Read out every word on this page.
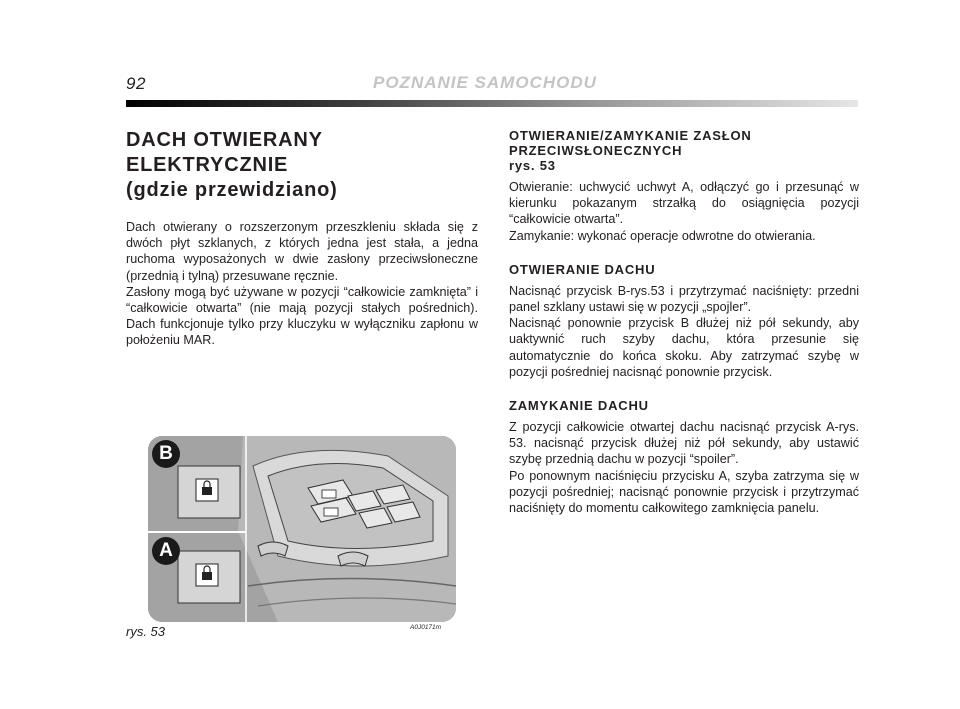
92	POZNANIE SAMOCHODU
DACH OTWIERANY ELEKTRYCZNIE
(gdzie przewidziano)

Dach otwierany o rozszerzonym przeszkleniu składa się z dwóch płyt szklanych, z których jedna jest stała, a jedna ruchoma wyposażonych w dwie zasłony przeciwsłoneczne (przednią i tylną) przesuwane ręcznie.

Zasłony mogą być używane w pozycji “całkowicie zamknięta” i “całkowicie otwarta” (nie mają pozycji stałych pośrednich). Dach funkcjonuje tylko przy kluczyku w wyłączniku zapłonu w położeniu MAR.

B
A
rys. 53	A0J0171m
OTWIERANIE/ZAMYKANIE ZASŁON
PRZECIWSŁONECZNYCH
rys. 53

Otwieranie: uchwycić uchwyt A, odłączyć go i przesunąć w kierunku pokazanym strzałką do osiągnięcia pozycji “całkowicie otwarta”.

Zamykanie: wykonać operacje odwrotne do otwierania.

OTWIERANIE DACHU

Nacisnąć przycisk B-rys.53 i przytrzymać naciśnięty: przedni panel szklany ustawi się w pozycji „spojler”.

Nacisnąć ponownie przycisk B dłużej niż pół sekundy, aby uaktywnić ruch szyby dachu, która przesunie się automatycznie do końca skoku. Aby zatrzymać szybę w pozycji pośredniej nacisnąć ponownie przycisk.

ZAMYKANIE DACHU

Z pozycji całkowicie otwartej dachu nacisnąć przycisk A-rys. 53. nacisnąć przycisk dłużej niż pół sekundy, aby ustawić szybę przednią dachu w pozycji “spoiler”.

Po ponownym naciśnięciu przycisku A, szyba zatrzyma się w pozycji pośredniej; nacisnąć ponownie przycisk i przytrzymać naciśnięty do momentu całkowitego zamknięcia panelu.
